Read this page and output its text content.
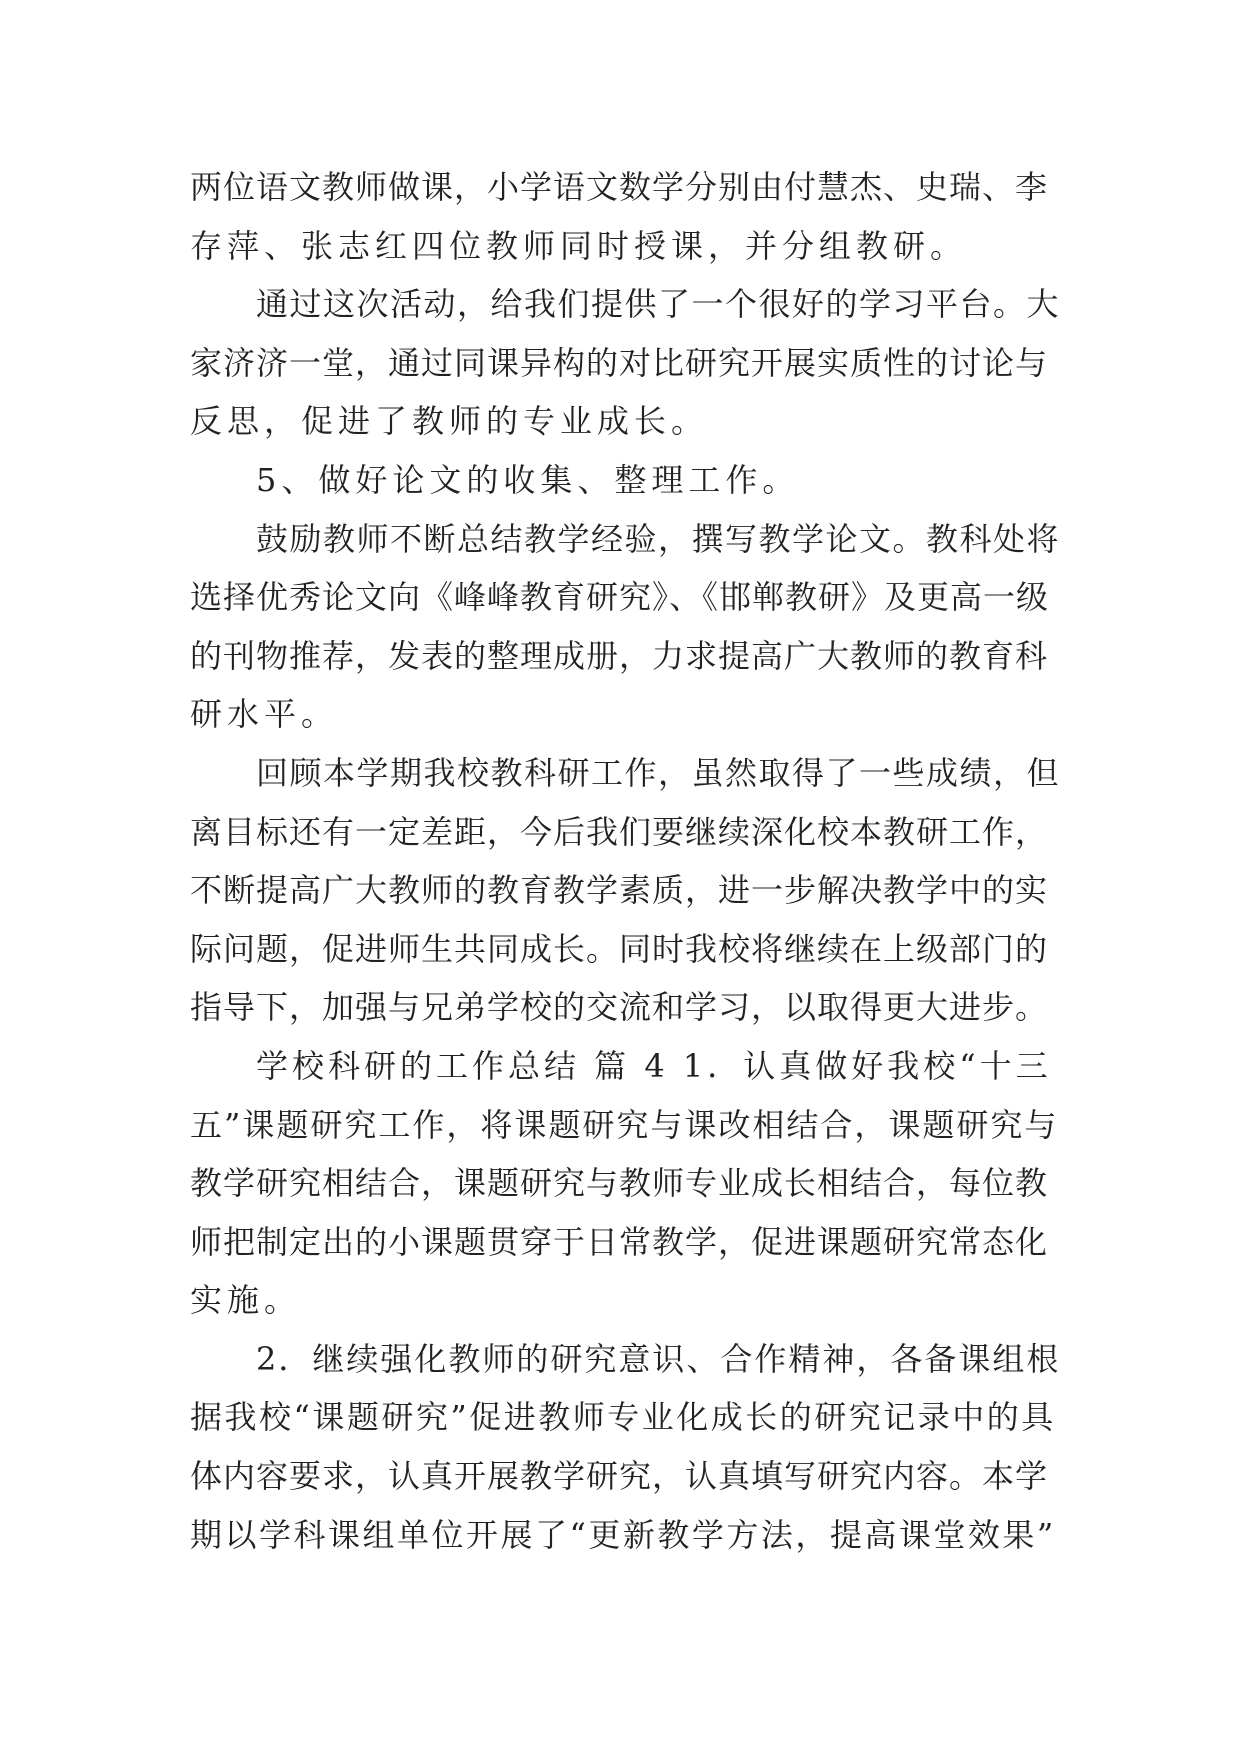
两位语文教师做课，小学语文数学分别由付慧杰、史瑞、李
存萍、张志红四位教师同时授课，并分组教研。
通过这次活动，给我们提供了一个很好的学习平台。大
家济济一堂，通过同课异构的对比研究开展实质性的讨论与
反思，促进了教师的专业成长。
5、做好论文的收集、整理工作。
鼓励教师不断总结教学经验，撰写教学论文。教科处将
选择优秀论文向《峰峰教育研究》、《邯郸教研》及更高一级
的刊物推荐，发表的整理成册，力求提高广大教师的教育科
研水平。
回顾本学期我校教科研工作，虽然取得了一些成绩，但
离目标还有一定差距，今后我们要继续深化校本教研工作，
不断提高广大教师的教育教学素质，进一步解决教学中的实
际问题，促进师生共同成长。同时我校将继续在上级部门的
指导下，加强与兄弟学校的交流和学习，以取得更大进步。
学校科研的工作总结 篇 4 1．认真做好我校“十三
五”课题研究工作，将课题研究与课改相结合，课题研究与
教学研究相结合，课题研究与教师专业成长相结合，每位教
师把制定出的小课题贯穿于日常教学，促进课题研究常态化
实施。
2．继续强化教师的研究意识、合作精神，各备课组根
据我校“课题研究”促进教师专业化成长的研究记录中的具
体内容要求，认真开展教学研究，认真填写研究内容。本学
期以学科课组单位开展了“更新教学方法，提高课堂效果”
